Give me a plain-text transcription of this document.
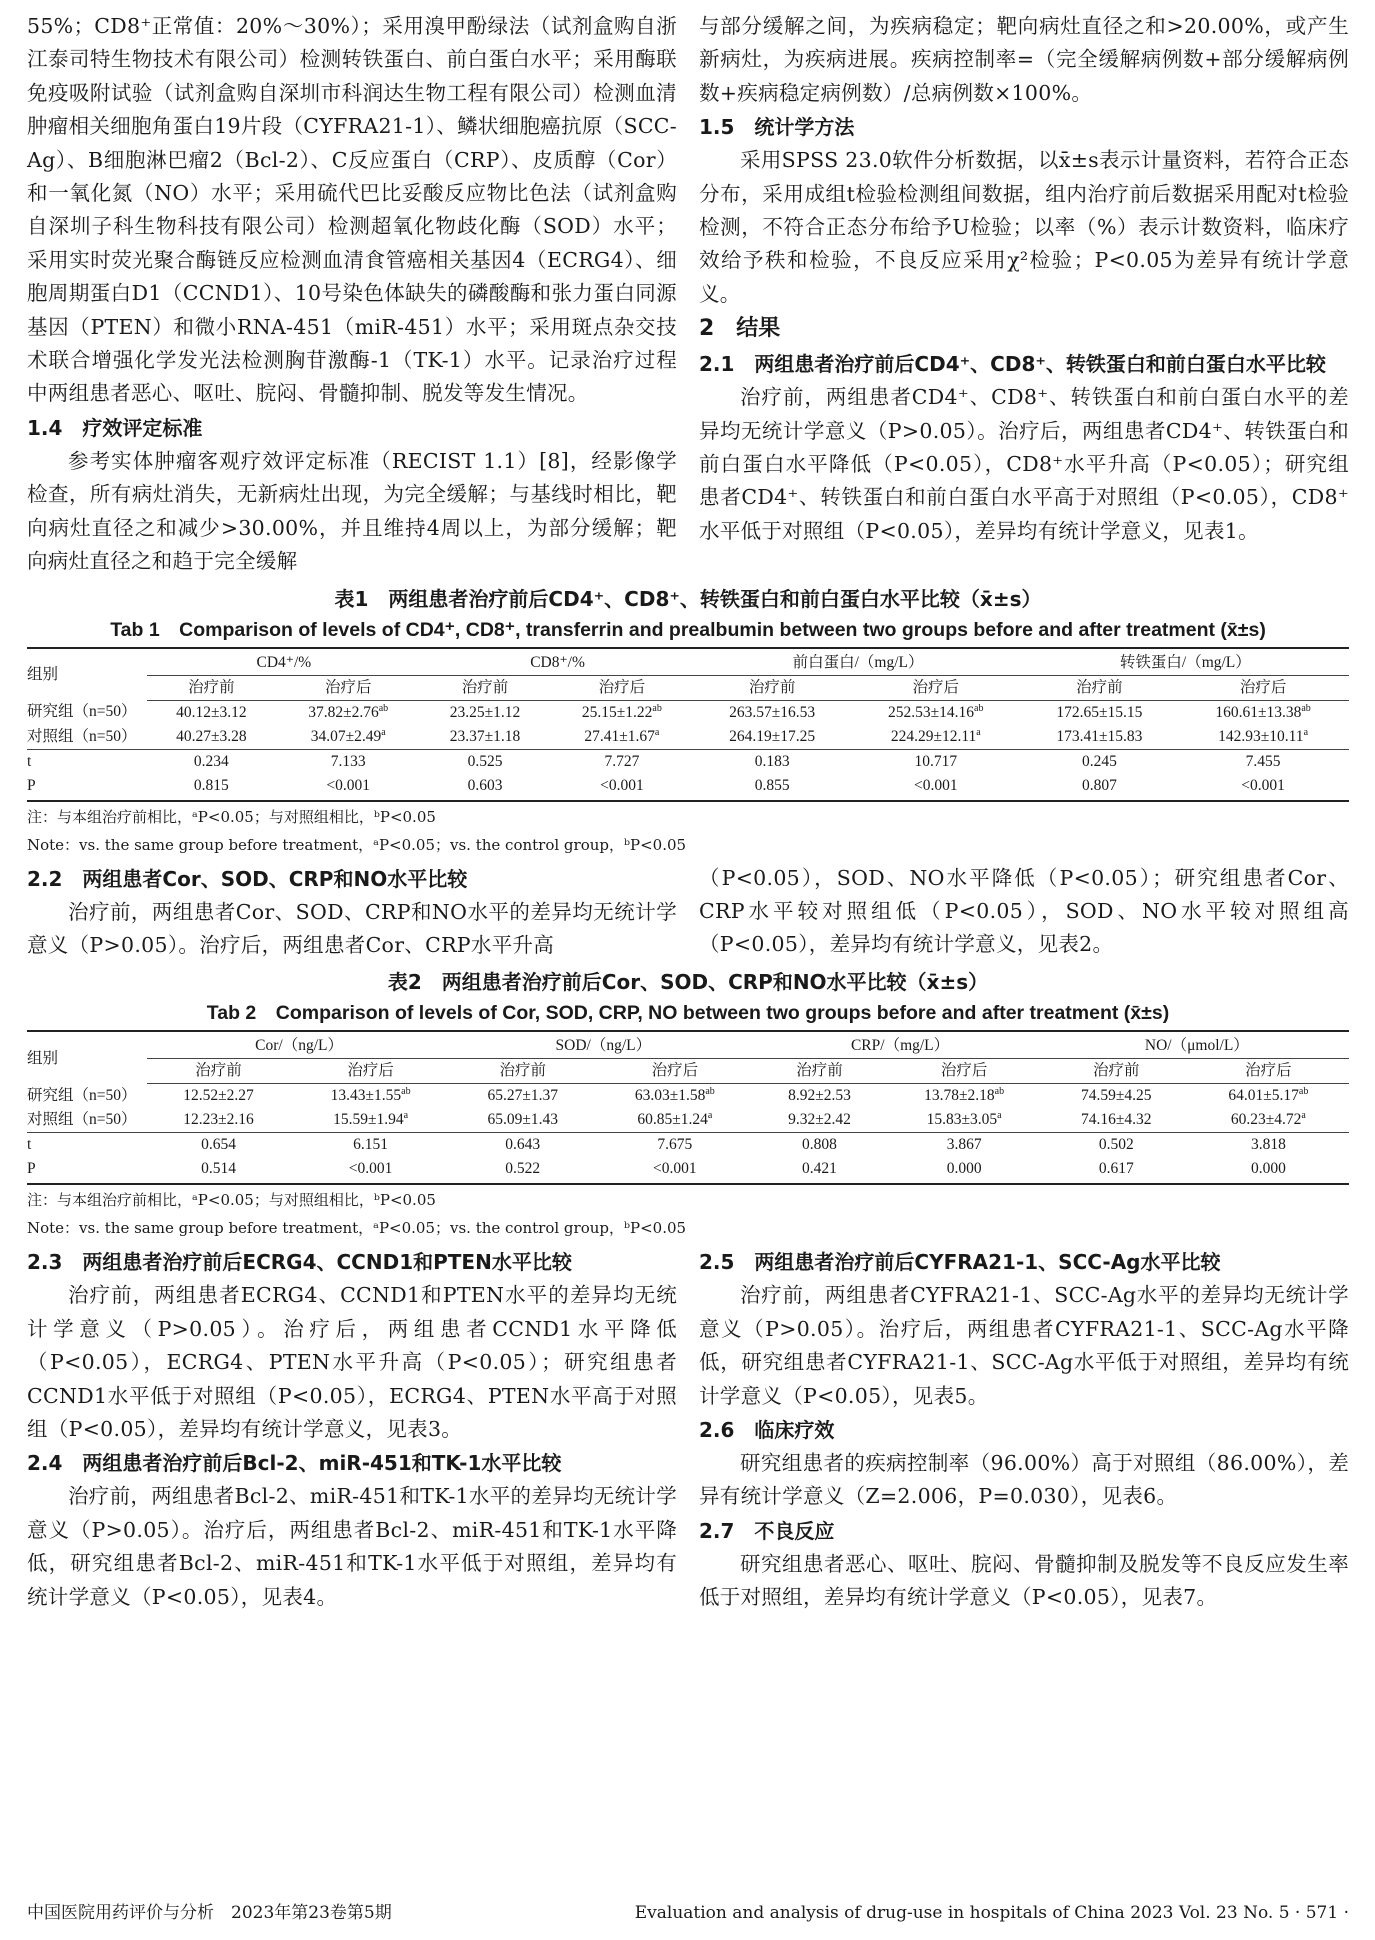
55%；CD8⁺正常值：20%～30%）；采用溴甲酚绿法（试剂盒购自浙江泰司特生物技术有限公司）检测转铁蛋白、前白蛋白水平；采用酶联免疫吸附试验（试剂盒购自深圳市科润达生物工程有限公司）检测血清肿瘤相关细胞角蛋白19片段（CYFRA21-1）、鳞状细胞癌抗原（SCC-Ag）、B细胞淋巴瘤2（Bcl-2）、C反应蛋白（CRP）、皮质醇（Cor）和一氧化氮（NO）水平；采用硫代巴比妥酸反应物比色法（试剂盒购自深圳子科生物科技有限公司）检测超氧化物歧化酶（SOD）水平；采用实时荧光聚合酶链反应检测血清食管癌相关基因4（ECRG4）、细胞周期蛋白D1（CCND1）、10号染色体缺失的磷酸酶和张力蛋白同源基因（PTEN）和微小RNA-451（miR-451）水平；采用斑点杂交技术联合增强化学发光法检测胸苷激酶-1（TK-1）水平。记录治疗过程中两组患者恶心、呕吐、脘闷、骨髓抑制、脱发等发生情况。

1.4　疗效评定标准

参考实体肿瘤客观疗效评定标准（RECIST 1.1）[8]，经影像学检查，所有病灶消失，无新病灶出现，为完全缓解；与基线时相比，靶向病灶直径之和减少>30.00%，并且维持4周以上，为部分缓解；靶向病灶直径之和趋于完全缓解

与部分缓解之间，为疾病稳定；靶向病灶直径之和>20.00%，或产生新病灶，为疾病进展。疾病控制率=（完全缓解病例数+部分缓解病例数+疾病稳定病例数）/总病例数×100%。

1.5　统计学方法

采用SPSS 23.0软件分析数据，以x̄±s表示计量资料，若符合正态分布，采用成组t检验检测组间数据，组内治疗前后数据采用配对t检验检测，不符合正态分布给予U检验；以率（%）表示计数资料，临床疗效给予秩和检验，不良反应采用χ²检验；P<0.05为差异有统计学意义。

2　结果
2.1　两组患者治疗前后CD4⁺、CD8⁺、转铁蛋白和前白蛋白水平比较

治疗前，两组患者CD4⁺、CD8⁺、转铁蛋白和前白蛋白水平的差异均无统计学意义（P>0.05）。治疗后，两组患者CD4⁺、转铁蛋白和前白蛋白水平降低（P<0.05），CD8⁺水平升高（P<0.05）；研究组患者CD4⁺、转铁蛋白和前白蛋白水平高于对照组（P<0.05），CD8⁺水平低于对照组（P<0.05），差异均有统计学意义，见表1。

表1　两组患者治疗前后CD4⁺、CD8⁺、转铁蛋白和前白蛋白水平比较（x̄±s）

Tab 1　Comparison of levels of CD4⁺, CD8⁺, transferrin and prealbumin between two groups before and after treatment (x̄±s)

组别	CD4⁺/%		CD8⁺/%		前白蛋白/（mg/L）		转铁蛋白/（mg/L）	
	治疗前	治疗后	治疗前	治疗后	治疗前	治疗后	治疗前	治疗后
研究组（n=50）	40.12±3.12	37.82±2.76$^{ab}$	23.25±1.12	25.15±1.22$^{ab}$	263.57±16.53	252.53±14.16$^{ab}$	172.65±15.15	160.61±13.38$^{ab}$
对照组（n=50）	40.27±3.28	34.07±2.49$^a$	23.37±1.18	27.41±1.67$^a$	264.19±17.25	224.29±12.11$^a$	173.41±15.83	142.93±10.11$^a$
t	0.234	7.133	0.525	7.727	0.183	10.717	0.245	7.455
P	0.815	<0.001	0.603	<0.001	0.855	<0.001	0.807	<0.001

注：与本组治疗前相比，ᵃP<0.05；与对照组相比，ᵇP<0.05

Note：vs. the same group before treatment，ᵃP<0.05；vs. the control group，ᵇP<0.05

2.2　两组患者Cor、SOD、CRP和NO水平比较

治疗前，两组患者Cor、SOD、CRP和NO水平的差异均无统计学意义（P>0.05）。治疗后，两组患者Cor、CRP水平升高

（P<0.05），SOD、NO水平降低（P<0.05）；研究组患者Cor、CRP水平较对照组低（P<0.05），SOD、NO水平较对照组高（P<0.05），差异均有统计学意义，见表2。

表2　两组患者治疗前后Cor、SOD、CRP和NO水平比较（x̄±s）

Tab 2　Comparison of levels of Cor, SOD, CRP, NO between two groups before and after treatment (x̄±s)

组别	Cor/（ng/L）		SOD/（ng/L）		CRP/（mg/L）		NO/（μmol/L）	
	治疗前	治疗后	治疗前	治疗后	治疗前	治疗后	治疗前	治疗后
研究组（n=50）	12.52±2.27	13.43±1.55$^{ab}$	65.27±1.37	63.03±1.58$^{ab}$	8.92±2.53	13.78±2.18$^{ab}$	74.59±4.25	64.01±5.17$^{ab}$
对照组（n=50）	12.23±2.16	15.59±1.94$^a$	65.09±1.43	60.85±1.24$^a$	9.32±2.42	15.83±3.05$^a$	74.16±4.32	60.23±4.72$^a$
t	0.654	6.151	0.643	7.675	0.808	3.867	0.502	3.818
P	0.514	<0.001	0.522	<0.001	0.421	0.000	0.617	0.000

注：与本组治疗前相比，ᵃP<0.05；与对照组相比，ᵇP<0.05

Note：vs. the same group before treatment，ᵃP<0.05；vs. the control group，ᵇP<0.05

2.3　两组患者治疗前后ECRG4、CCND1和PTEN水平比较

治疗前，两组患者ECRG4、CCND1和PTEN水平的差异均无统计学意义（P>0.05）。治疗后，两组患者CCND1水平降低（P<0.05），ECRG4、PTEN水平升高（P<0.05）；研究组患者CCND1水平低于对照组（P<0.05），ECRG4、PTEN水平高于对照组（P<0.05），差异均有统计学意义，见表3。

2.4　两组患者治疗前后Bcl-2、miR-451和TK-1水平比较

治疗前，两组患者Bcl-2、miR-451和TK-1水平的差异均无统计学意义（P>0.05）。治疗后，两组患者Bcl-2、miR-451和TK-1水平降低，研究组患者Bcl-2、miR-451和TK-1水平低于对照组，差异均有统计学意义（P<0.05），见表4。

2.5　两组患者治疗前后CYFRA21-1、SCC-Ag水平比较

治疗前，两组患者CYFRA21-1、SCC-Ag水平的差异均无统计学意义（P>0.05）。治疗后，两组患者CYFRA21-1、SCC-Ag水平降低，研究组患者CYFRA21-1、SCC-Ag水平低于对照组，差异均有统计学意义（P<0.05），见表5。

2.6　临床疗效

研究组患者的疾病控制率（96.00%）高于对照组（86.00%），差异有统计学意义（Z=2.006，P=0.030），见表6。

2.7　不良反应

研究组患者恶心、呕吐、脘闷、骨髓抑制及脱发等不良反应发生率低于对照组，差异均有统计学意义（P<0.05），见表7。

中国医院用药评价与分析　2023年第23卷第5期	Evaluation and analysis of drug-use in hospitals of China 2023 Vol. 23 No. 5 · 571 ·
